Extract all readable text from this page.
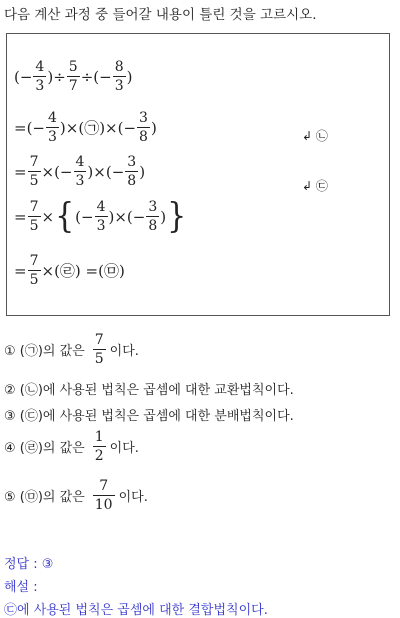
다음 계산 과정 중 들어갈 내용이 틀린 것을 고르시오.
(− $\frac{4}{3}$ )÷ $\frac{5}{7}$ ÷(− $\frac{8}{3}$ )
=(− $\frac{4}{3}$ )×(㉠)×(− $\frac{3}{8}$ )	↲ ㉡
= $\frac{7}{5}$ ×(− $\frac{4}{3}$ )×(− $\frac{3}{8}$ )
↲ ㉢
= $\frac{7}{5}$ × { (− $\frac{4}{3}$ )×(− $\frac{3}{8}$ ) }
= $\frac{7}{5}$ ×(㉣) =(㉤)
① (㉠)의 값은 $\frac{7}{5}$ 이다.
② (㉡)에 사용된 법칙은 곱셈에 대한 교환법칙이다.
③ (㉢)에 사용된 법칙은 곱셈에 대한 분배법칙이다.
④ (㉣)의 값은 $\frac{1}{2}$ 이다.
⑤ (㉤)의 값은 $\frac{7}{10}$ 이다.
정답 : ③
해설 :
㉢에 사용된 법칙은 곱셈에 대한 결합법칙이다.
